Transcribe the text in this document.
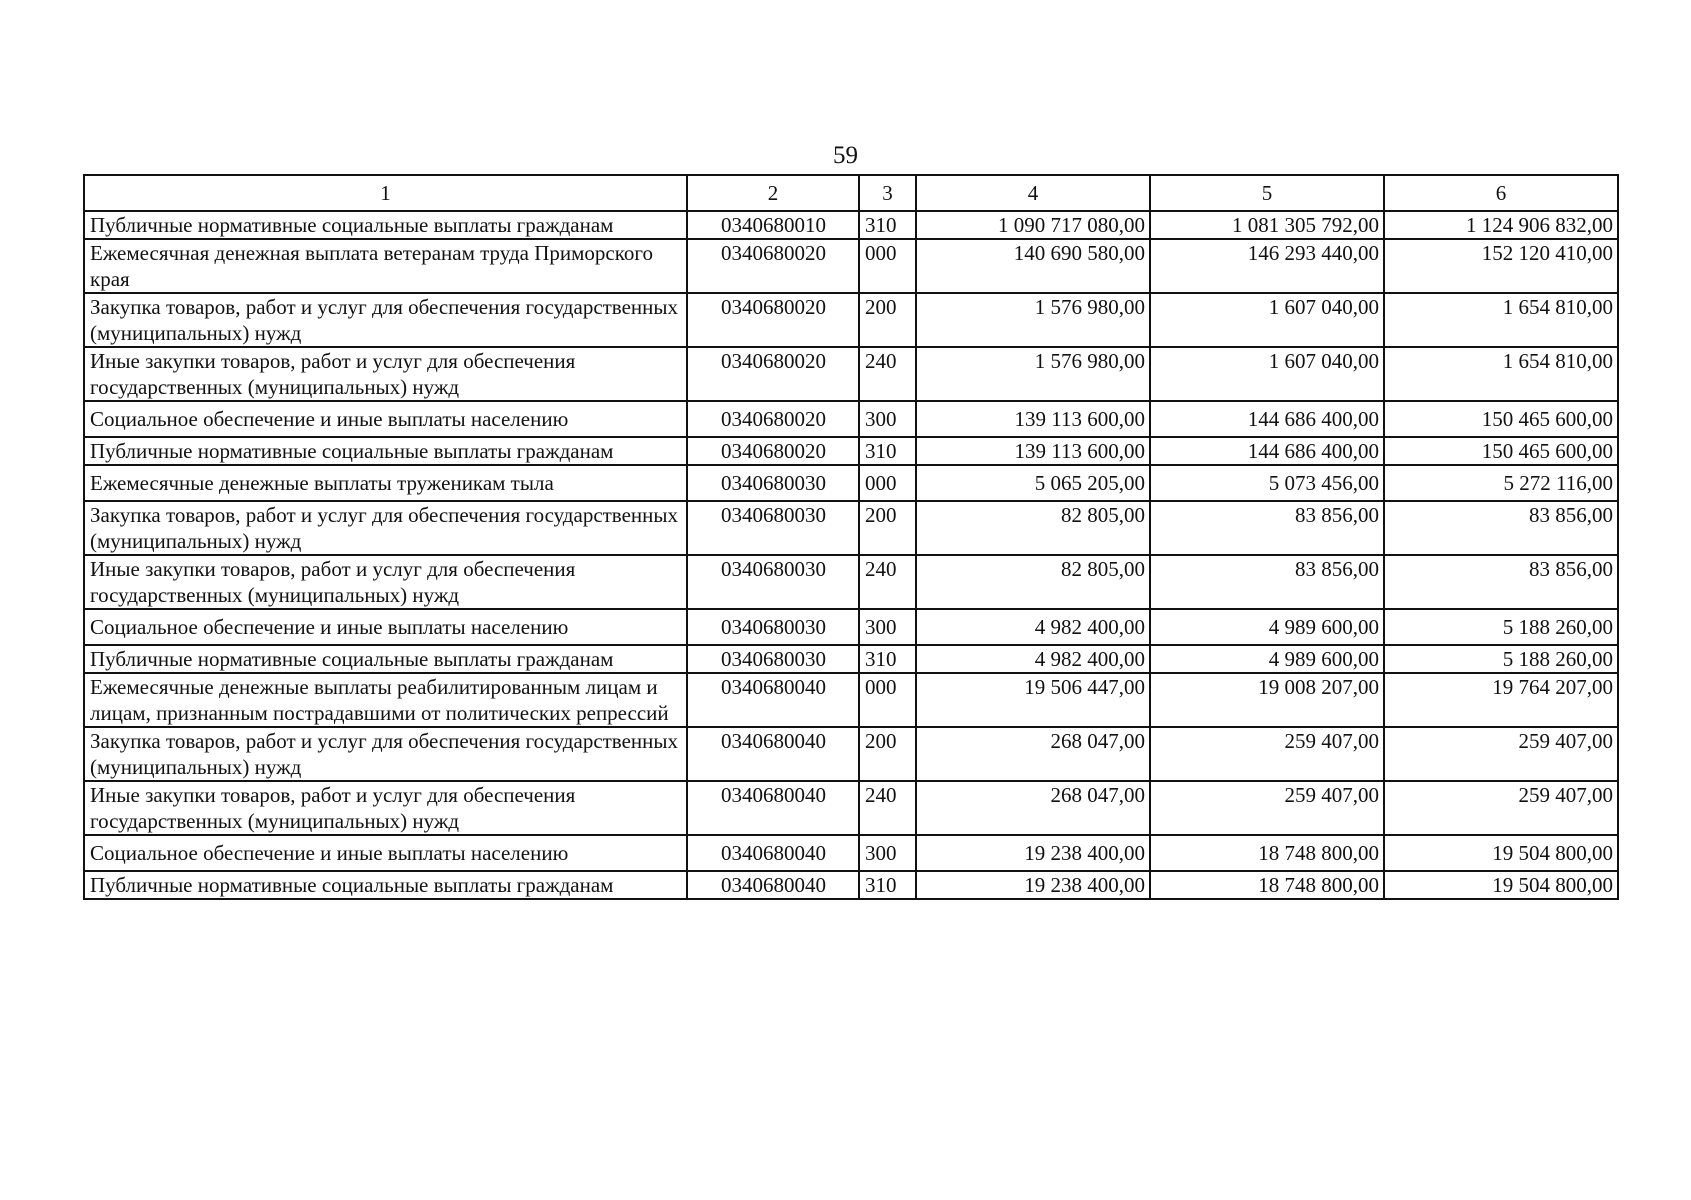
59
1	2	3	4	5	6
Публичные нормативные социальные выплаты гражданам	0340680010	310	1 090 717 080,00	1 081 305 792,00	1 124 906 832,00
Ежемесячная денежная выплата ветеранам труда Приморского края	0340680020	000	140 690 580,00	146 293 440,00	152 120 410,00
Закупка товаров, работ и услуг для обеспечения государственных (муниципальных) нужд	0340680020	200	1 576 980,00	1 607 040,00	1 654 810,00
Иные закупки товаров, работ и услуг для обеспечения государственных (муниципальных) нужд	0340680020	240	1 576 980,00	1 607 040,00	1 654 810,00
Социальное обеспечение и иные выплаты населению	0340680020	300	139 113 600,00	144 686 400,00	150 465 600,00
Публичные нормативные социальные выплаты гражданам	0340680020	310	139 113 600,00	144 686 400,00	150 465 600,00
Ежемесячные денежные выплаты труженикам тыла	0340680030	000	5 065 205,00	5 073 456,00	5 272 116,00
Закупка товаров, работ и услуг для обеспечения государственных (муниципальных) нужд	0340680030	200	82 805,00	83 856,00	83 856,00
Иные закупки товаров, работ и услуг для обеспечения государственных (муниципальных) нужд	0340680030	240	82 805,00	83 856,00	83 856,00
Социальное обеспечение и иные выплаты населению	0340680030	300	4 982 400,00	4 989 600,00	5 188 260,00
Публичные нормативные социальные выплаты гражданам	0340680030	310	4 982 400,00	4 989 600,00	5 188 260,00
Ежемесячные денежные выплаты реабилитированным лицам и лицам, признанным пострадавшими от политических репрессий	0340680040	000	19 506 447,00	19 008 207,00	19 764 207,00
Закупка товаров, работ и услуг для обеспечения государственных (муниципальных) нужд	0340680040	200	268 047,00	259 407,00	259 407,00
Иные закупки товаров, работ и услуг для обеспечения государственных (муниципальных) нужд	0340680040	240	268 047,00	259 407,00	259 407,00
Социальное обеспечение и иные выплаты населению	0340680040	300	19 238 400,00	18 748 800,00	19 504 800,00
Публичные нормативные социальные выплаты гражданам	0340680040	310	19 238 400,00	18 748 800,00	19 504 800,00
